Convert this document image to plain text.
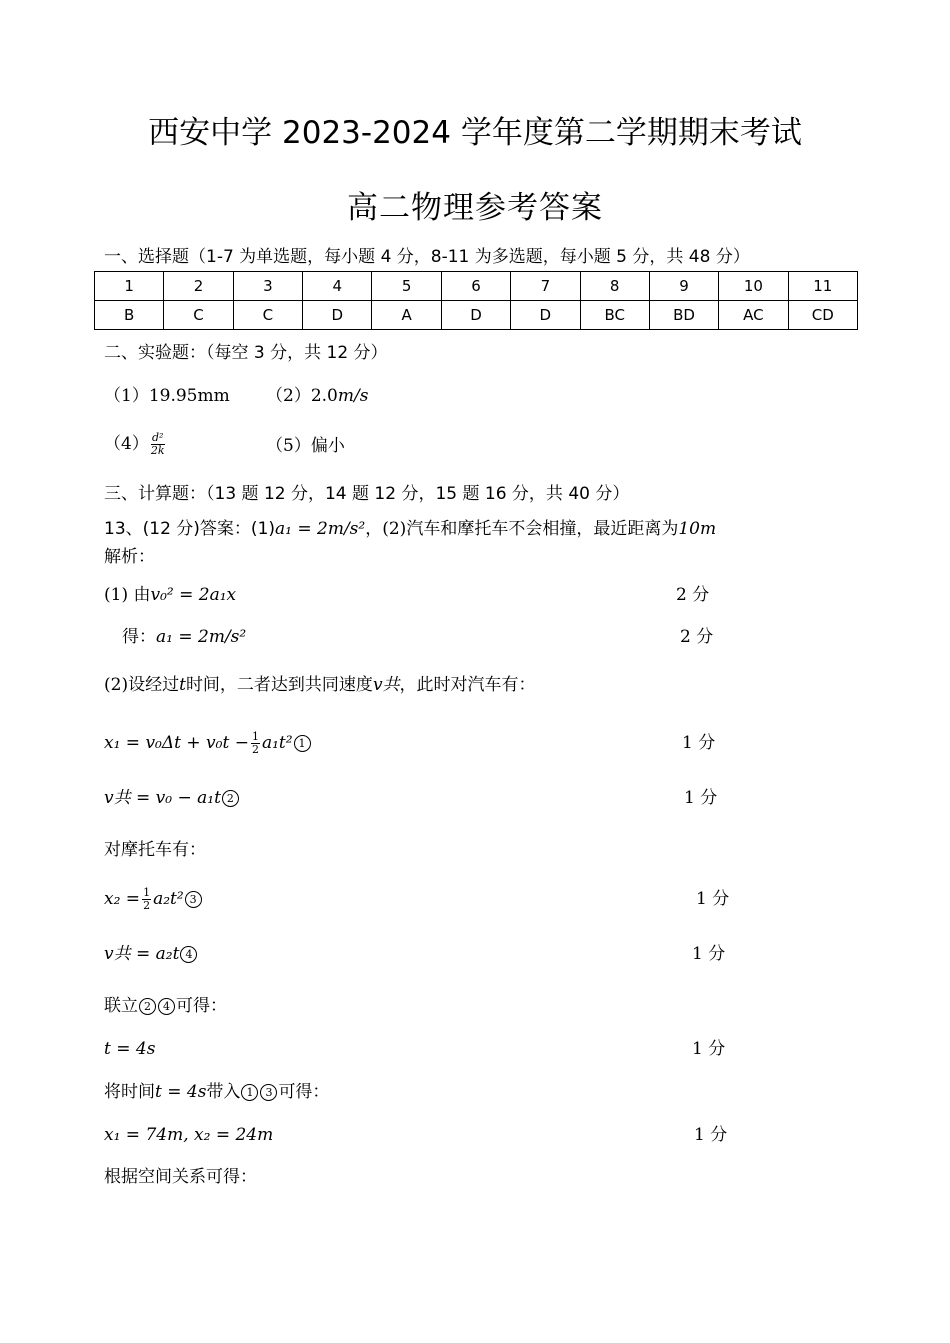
西安中学 2023-2024 学年度第二学期期末考试
高二物理参考答案
一、选择题（1-7 为单选题，每小题 4 分，8-11 为多选题，每小题 5 分，共 48 分）
1	2	3	4	5	6	7	8	9	10	11
B	C	C	D	A	D	D	BC	BD	AC	CD
二、实验题：（每空 3 分，共 12 分）
（1）19.95mm （2）2.0m/s
$(4) \frac{\text{d²}}{2k}$	（5）偏小
三、计算题：（13 题 12 分，14 题 12 分，15 题 16 分，共 40 分）
13、(12 分)答案：(1)a₁ = 2m/s²，(2)汽车和摩托车不会相撞，最近距离为10m
解析：
(1) 由v₀² = 2a₁x	2 分
得：a₁ = 2m/s²	2 分
(2)设经过t时间，二者达到共同速度v共，此时对汽车有：
$x_1 = v_0\Delta t + v_0t - \frac{1}{2} a_1t^2$ 1	1 分
v共 = v₀ − a₁t 2	1 分
对摩托车有：
$x_2 = \frac{1}{2} a_2t^2$ 3	1 分
v共 = a₂t 4	1 分
联立 2 4 可得：
t = 4s	1 分
将时间t = 4s带入 1 3 可得：
x₁ = 74m, x₂ = 24m	1 分
根据空间关系可得：
